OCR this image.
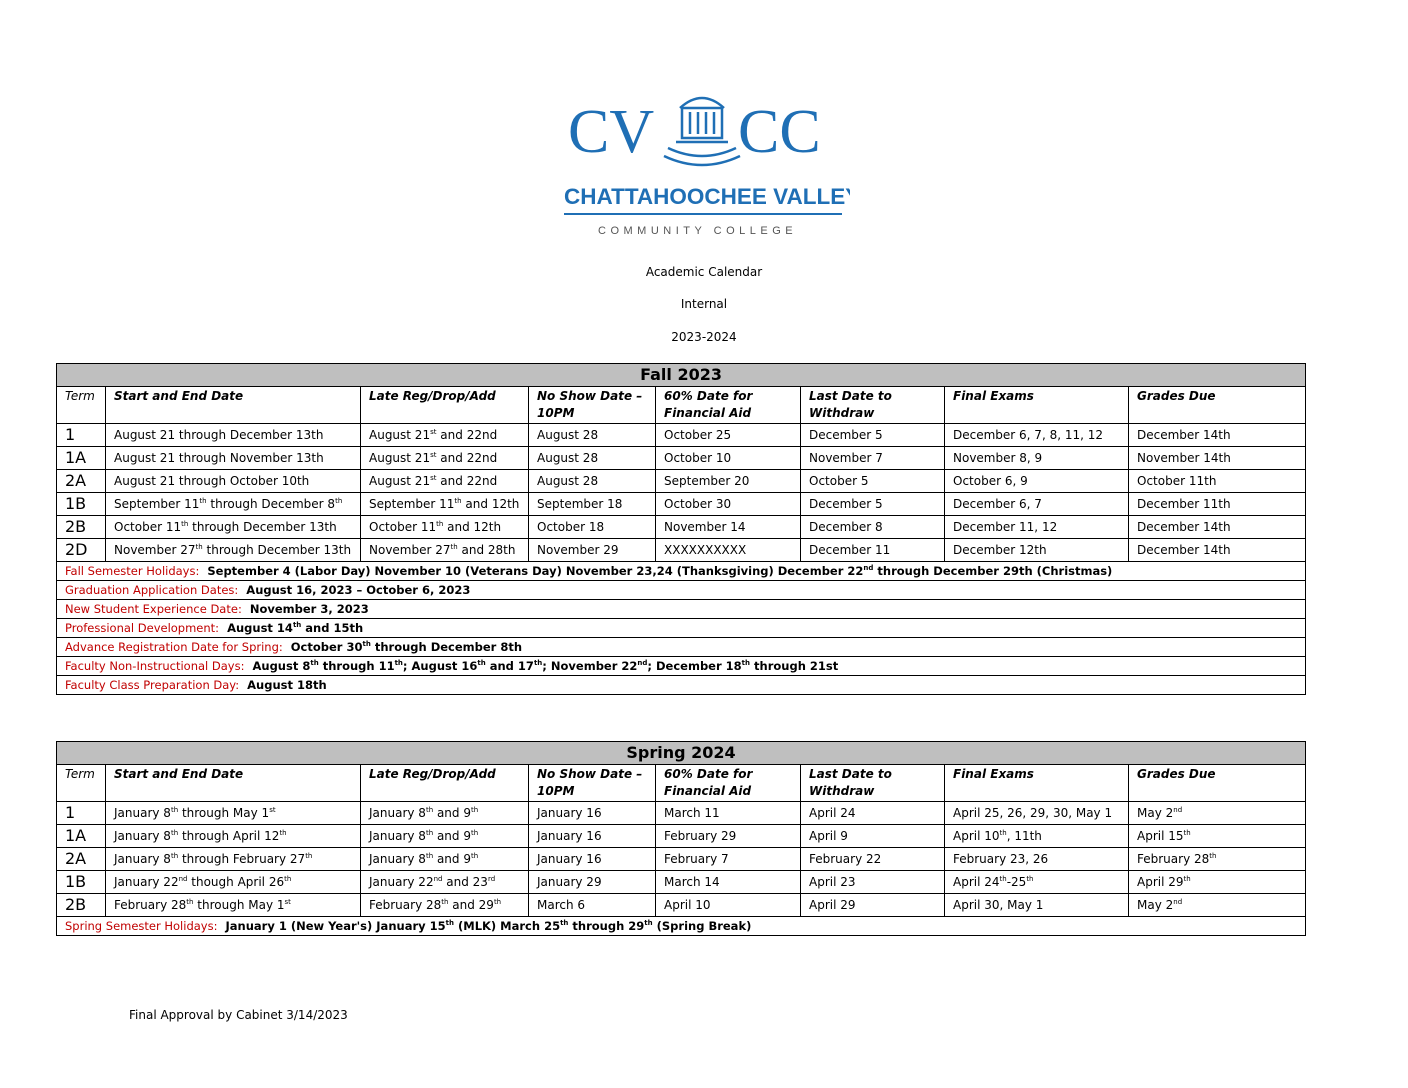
CV CC
CHATTAHOOCHEE VALLEY
COMMUNITY COLLEGE
Academic Calendar
Internal
2023-2024
Fall 2023							
Term	Start and End Date	Late Reg/Drop/Add	No Show Date – 10PM	60% Date for Financial Aid	Last Date to Withdraw	Final Exams	Grades Due
1	August 21 through December 13th	August 21st and 22nd	August 28	October 25	December 5	December 6, 7, 8, 11, 12	December 14th
1A	August 21 through November 13th	August 21st and 22nd	August 28	October 10	November 7	November 8, 9	November 14th
2A	August 21 through October 10th	August 21st and 22nd	August 28	September 20	October 5	October 6, 9	October 11th
1B	September 11th through December 8th	September 11th and 12th	September 18	October 30	December 5	December 6, 7	December 11th
2B	October 11th through December 13th	October 11th and 12th	October 18	November 14	December 8	December 11, 12	December 14th
2D	November 27th through December 13th	November 27th and 28th	November 29	XXXXXXXXXX	December 11	December 12th	December 14th
Fall Semester Holidays:  September 4 (Labor Day) November 10 (Veterans Day) November 23,24 (Thanksgiving) December 22nd through December 29th (Christmas)							
Graduation Application Dates:  August 16, 2023 – October 6, 2023							
New Student Experience Date:  November 3, 2023							
Professional Development:  August 14th and 15th							
Advance Registration Date for Spring:  October 30th through December 8th							
Faculty Non-Instructional Days:  August 8th through 11th; August 16th and 17th; November 22nd; December 18th through 21st							
Faculty Class Preparation Day:  August 18th							
Spring 2024							
Term	Start and End Date	Late Reg/Drop/Add	No Show Date – 10PM	60% Date for Financial Aid	Last Date to Withdraw	Final Exams	Grades Due
1	January 8th through May 1st	January 8th and 9th	January 16	March 11	April 24	April 25, 26, 29, 30, May 1	May 2nd
1A	January 8th through April 12th	January 8th and 9th	January 16	February 29	April 9	April 10th, 11th	April 15th
2A	January 8th through February 27th	January 8th and 9th	January 16	February 7	February 22	February 23, 26	February 28th
1B	January 22nd though April 26th	January 22nd and 23rd	January 29	March 14	April 23	April 24th-25th	April 29th
2B	February 28th through May 1st	February 28th and 29th	March 6	April 10	April 29	April 30, May 1	May 2nd
Spring Semester Holidays:  January 1 (New Year's) January 15th (MLK) March 25th through 29th (Spring Break)							
Final Approval by Cabinet 3/14/2023
